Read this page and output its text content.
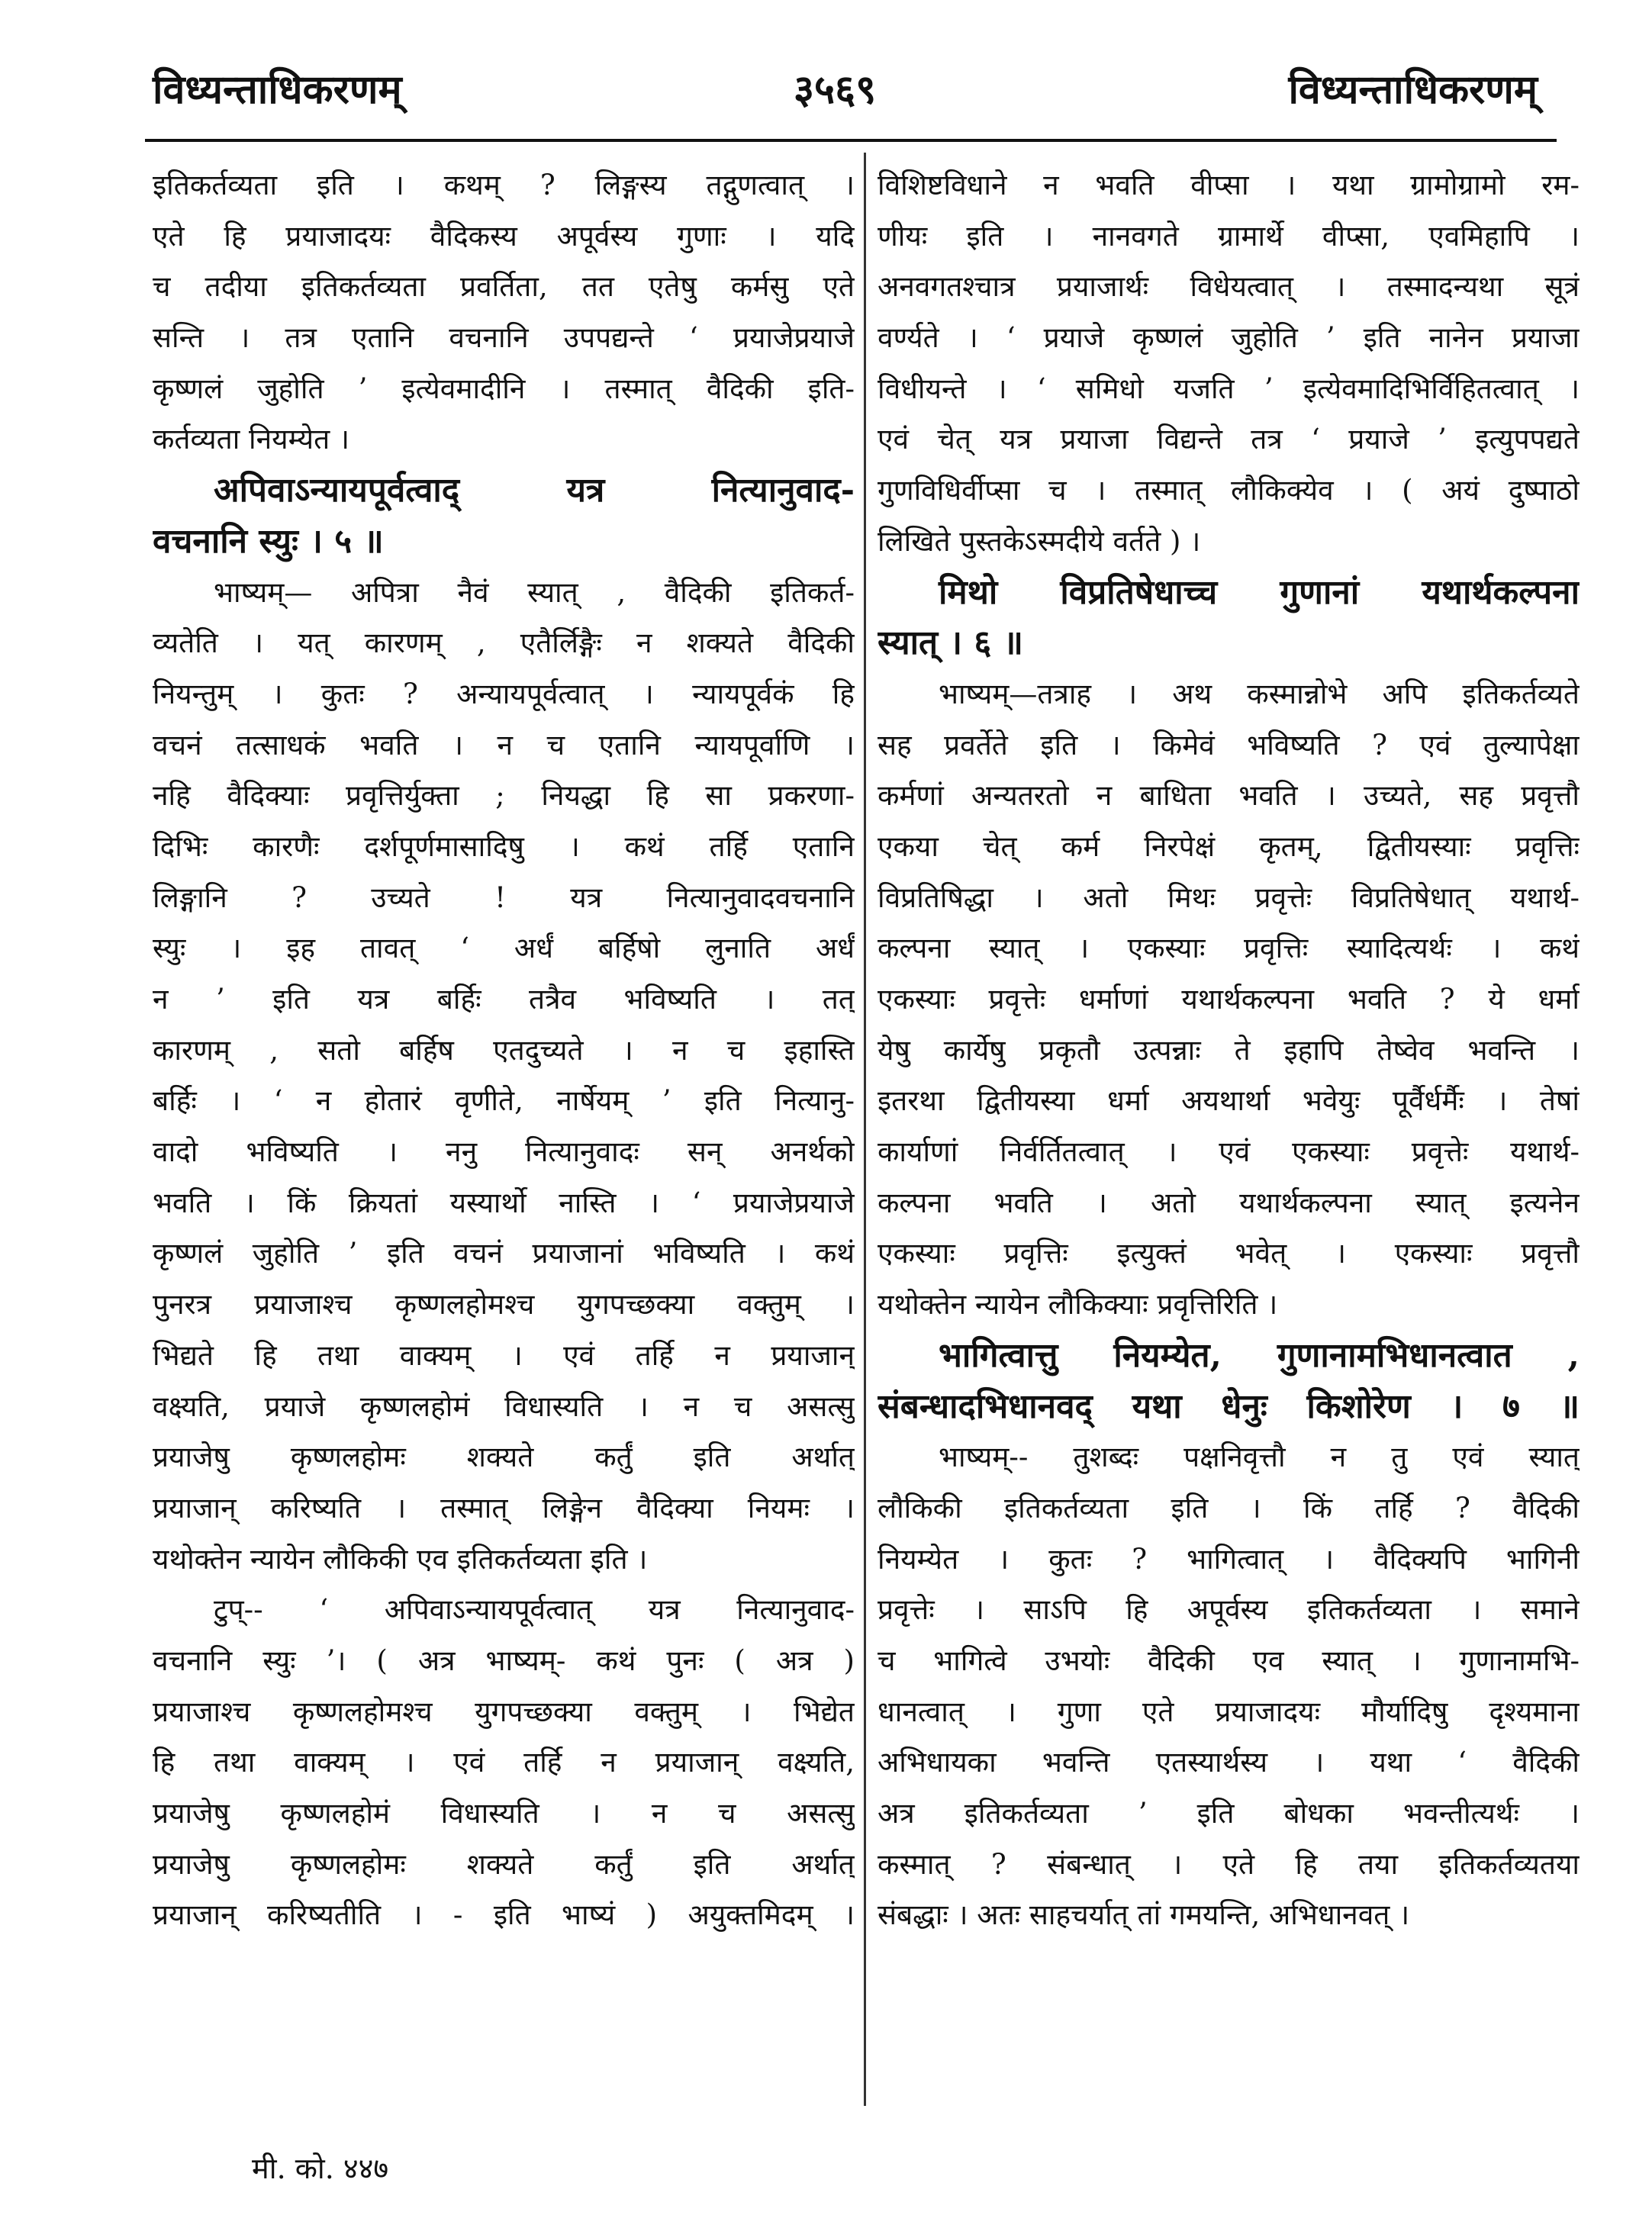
विध्यन्ताधिकरणम्	३५६९	विध्यन्ताधिकरणम्
इतिकर्तव्यता इति । कथम् ? लिङ्गस्य तद्गुणत्वात् ।
एते हि प्रयाजादयः वैदिकस्य अपूर्वस्य गुणाः । यदि
च तदीया इतिकर्तव्यता प्रवर्तिता, तत एतेषु कर्मसु एते
सन्ति । तत्र एतानि वचनानि उपपद्यन्ते ‘ प्रयाजेप्रयाजे
कृष्णलं जुहोति ’ इत्येवमादीनि । तस्मात् वैदिकी इति-
कर्तव्यता नियम्येत ।
अपिवाऽन्यायपूर्वत्वाद् यत्र नित्यानुवाद-
वचनानि स्युः । ५ ॥
भाष्यम्— अपित्रा नैवं स्यात् , वैदिकी इतिकर्त-
व्यतेति । यत् कारणम् , एतैर्लिङ्गैः न शक्यते वैदिकी
नियन्तुम् । कुतः ? अन्यायपूर्वत्वात् । न्यायपूर्वकं हि
वचनं तत्साधकं भवति । न च एतानि न्यायपूर्वाणि ।
नहि वैदिक्याः प्रवृत्तिर्युक्ता ; नियद्धा हि सा प्रकरणा-
दिभिः कारणैः दर्शपूर्णमासादिषु । कथं तर्हि एतानि
लिङ्गानि ? उच्यते ! यत्र नित्यानुवादवचनानि
स्युः । इह तावत् ‘ अर्धं बर्हिषो लुनाति अर्धं
न ’ इति यत्र बर्हिः तत्रैव भविष्यति । तत्
कारणम् , सतो बर्हिष एतदुच्यते । न च इहास्ति
बर्हिः । ‘ न होतारं वृणीते, नार्षेयम् ’ इति नित्यानु-
वादो भविष्यति । ननु नित्यानुवादः सन् अनर्थको
भवति । किं क्रियतां यस्यार्थो नास्ति । ‘ प्रयाजेप्रयाजे
कृष्णलं जुहोति ’ इति वचनं प्रयाजानां भविष्यति । कथं
पुनरत्र प्रयाजाश्च कृष्णलहोमश्च युगपच्छक्या वक्तुम् ।
भिद्यते हि तथा वाक्यम् । एवं तर्हि न प्रयाजान्
वक्ष्यति, प्रयाजे कृष्णलहोमं विधास्यति । न च असत्सु
प्रयाजेषु कृष्णलहोमः शक्यते कर्तुं इति अर्थात्
प्रयाजान् करिष्यति । तस्मात् लिङ्गेन वैदिक्या नियमः ।
यथोक्तेन न्यायेन लौकिकी एव इतिकर्तव्यता इति ।
टुप्-- ‘ अपिवाऽन्यायपूर्वत्वात् यत्र नित्यानुवाद-
वचनानि स्युः ’। ( अत्र भाष्यम्- कथं पुनः ( अत्र )
प्रयाजाश्च कृष्णलहोमश्च युगपच्छक्या वक्तुम् । भिद्येत
हि तथा वाक्यम् । एवं तर्हि न प्रयाजान् वक्ष्यति,
प्रयाजेषु कृष्णलहोमं विधास्यति । न च असत्सु
प्रयाजेषु कृष्णलहोमः शक्यते कर्तुं इति अर्थात्
प्रयाजान् करिष्यतीति । - इति भाष्यं ) अयुक्तमिदम् ।
विशिष्टविधाने न भवति वीप्सा । यथा ग्रामोग्रामो रम-
णीयः इति । नानवगते ग्रामार्थे वीप्सा, एवमिहापि ।
अनवगतश्चात्र प्रयाजार्थः विधेयत्वात् । तस्मादन्यथा सूत्रं
वर्ण्यते । ‘ प्रयाजे कृष्णलं जुहोति ’ इति नानेन प्रयाजा
विधीयन्ते । ‘ समिधो यजति ’ इत्येवमादिभिर्विहितत्वात् ।
एवं चेत् यत्र प्रयाजा विद्यन्ते तत्र ‘ प्रयाजे ’ इत्युपपद्यते
गुणविधिर्वीप्सा च । तस्मात् लौकिक्येव । ( अयं दुष्पाठो
लिखिते पुस्तकेऽस्मदीये वर्तते ) ।
मिथो विप्रतिषेधाच्च गुणानां यथार्थकल्पना
स्यात् । ६ ॥
भाष्यम्—तत्राह । अथ कस्मान्नोभे अपि इतिकर्तव्यते
सह प्रवर्तेते इति । किमेवं भविष्यति ? एवं तुल्यापेक्षा
कर्मणां अन्यतरतो न बाधिता भवति । उच्यते, सह प्रवृत्तौ
एकया चेत् कर्म निरपेक्षं कृतम्, द्वितीयस्याः प्रवृत्तिः
विप्रतिषिद्धा । अतो मिथः प्रवृत्तेः विप्रतिषेधात् यथार्थ-
कल्पना स्यात् । एकस्याः प्रवृत्तिः स्यादित्यर्थः । कथं
एकस्याः प्रवृत्तेः धर्माणां यथार्थकल्पना भवति ? ये धर्मा
येषु कार्येषु प्रकृतौ उत्पन्नाः ते इहापि तेष्वेव भवन्ति ।
इतरथा द्वितीयस्या धर्मा अयथार्था भवेयुः पूर्वैर्धर्मैः । तेषां
कार्याणां निर्वर्तितत्वात् । एवं एकस्याः प्रवृत्तेः यथार्थ-
कल्पना भवति । अतो यथार्थकल्पना स्यात् इत्यनेन
एकस्याः प्रवृत्तिः इत्युक्तं भवेत् । एकस्याः प्रवृत्तौ
यथोक्तेन न्यायेन लौकिक्याः प्रवृत्तिरिति ।
भागित्वात्तु नियम्येत, गुणानामभिधानत्वात ,
संबन्धादभिधानवद् यथा धेनुः किशोरेण । ७ ॥
भाष्यम्-- तुशब्दः पक्षनिवृत्तौ न तु एवं स्यात्
लौकिकी इतिकर्तव्यता इति । किं तर्हि ? वैदिकी
नियम्येत । कुतः ? भागित्वात् । वैदिक्यपि भागिनी
प्रवृत्तेः । साऽपि हि अपूर्वस्य इतिकर्तव्यता । समाने
च भागित्वे उभयोः वैदिकी एव स्यात् । गुणानामभि-
धानत्वात् । गुणा एते प्रयाजादयः मौर्यादिषु दृश्यमाना
अभिधायका भवन्ति एतस्यार्थस्य । यथा ‘ वैदिकी
अत्र इतिकर्तव्यता ’ इति बोधका भवन्तीत्यर्थः ।
कस्मात् ? संबन्धात् । एते हि तया इतिकर्तव्यतया
संबद्धाः । अतः साहचर्यात् तां गमयन्ति, अभिधानवत् ।
मी. को. ४४७
